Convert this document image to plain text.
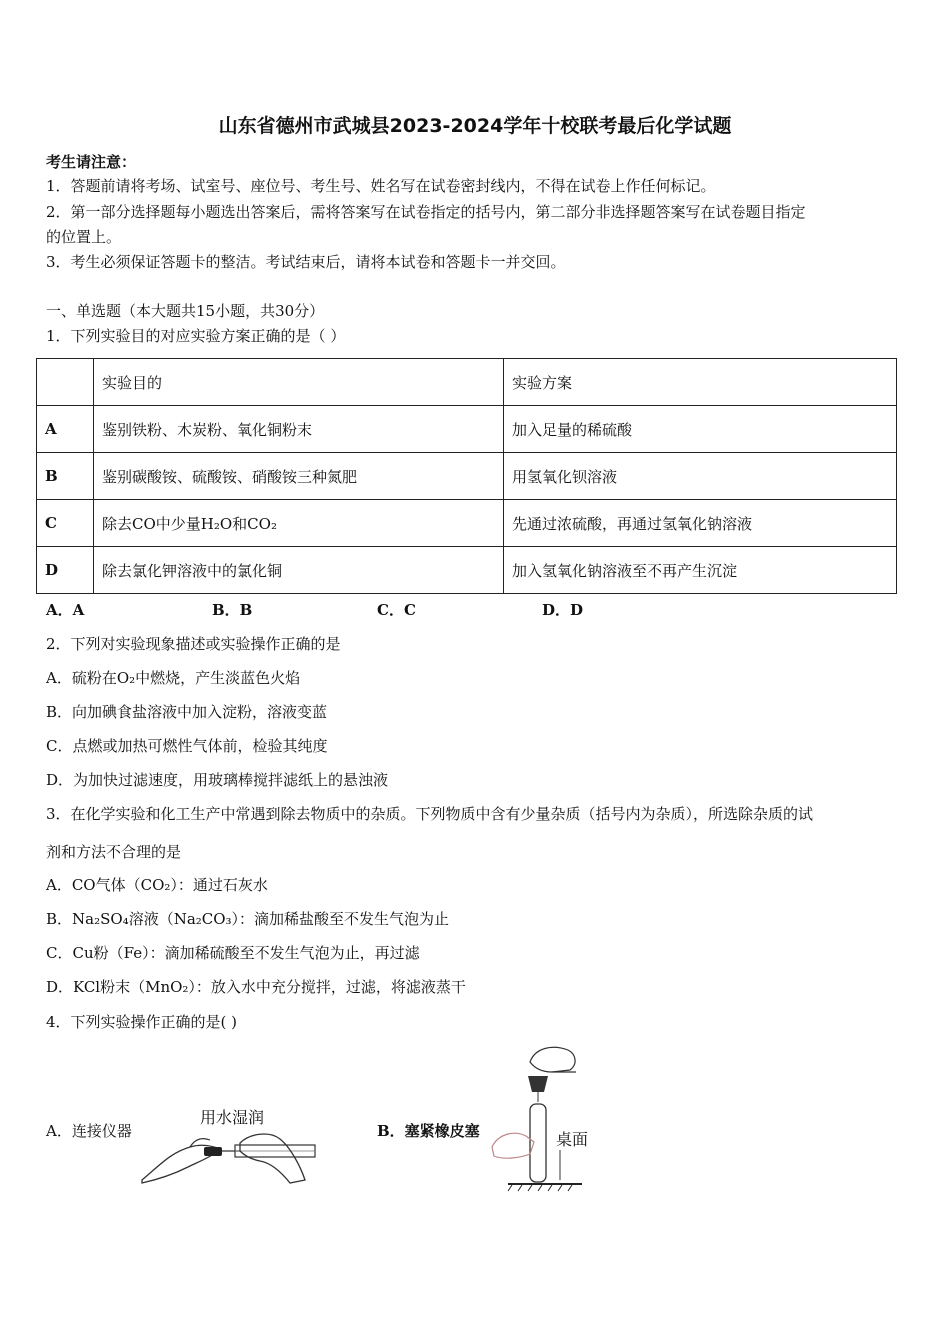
山东省德州市武城县2023-2024学年十校联考最后化学试题
考生请注意：
1．答题前请将考场、试室号、座位号、考生号、姓名写在试卷密封线内，不得在试卷上作任何标记。
2．第一部分选择题每小题选出答案后，需将答案写在试卷指定的括号内，第二部分非选择题答案写在试卷题目指定
的位置上。
3．考生必须保证答题卡的整洁。考试结束后，请将本试卷和答题卡一并交回。
一、单选题（本大题共15小题，共30分）
1．下列实验目的对应实验方案正确的是（ ）
	实验目的	实验方案
A	鉴别铁粉、木炭粉、氧化铜粉末	加入足量的稀硫酸
B	鉴别碳酸铵、硫酸铵、硝酸铵三种氮肥	用氢氧化钡溶液
C	除去CO中少量H₂O和CO₂	先通过浓硫酸，再通过氢氧化钠溶液
D	除去氯化钾溶液中的氯化铜	加入氢氧化钠溶液至不再产生沉淀
A．A	B．B	C．C	D．D
2．下列对实验现象描述或实验操作正确的是
A．硫粉在O₂中燃烧，产生淡蓝色火焰
B．向加碘食盐溶液中加入淀粉，溶液变蓝
C．点燃或加热可燃性气体前，检验其纯度
D．为加快过滤速度，用玻璃棒搅拌滤纸上的悬浊液
3．在化学实验和化工生产中常遇到除去物质中的杂质。下列物质中含有少量杂质（括号内为杂质），所选除杂质的试
剂和方法不合理的是
A．CO气体（CO₂）：通过石灰水
B．Na₂SO₄溶液（Na₂CO₃）：滴加稀盐酸至不发生气泡为止
C．Cu粉（Fe）：滴加稀硫酸至不发生气泡为止，再过滤
D．KCl粉末（MnO₂）：放入水中充分搅拌，过滤，将滤液蒸干
4．下列实验操作正确的是( )
A．连接仪器
用水湿润
B．塞紧橡皮塞	桌面
